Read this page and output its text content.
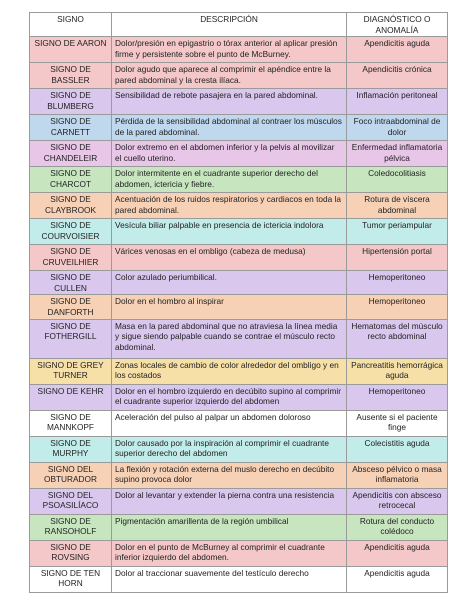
SIGNO	DESCRIPCIÓN	DIAGNÓSTICO O ANOMALÍA
SIGNO DE AARON	Dolor/presión en epigastrio o tórax anterior al aplicar presión firme y persistente sobre el punto de McBurney.	Apendicitis aguda
SIGNO DE BASSLER	Dolor agudo que aparece al comprimir el apéndice entre la pared abdominal y la cresta ilíaca.	Apendicitis crónica
SIGNO DE BLUMBERG	Sensibilidad de rebote pasajera en la pared abdominal.	Inflamación peritoneal
SIGNO DE CARNETT	Pérdida de la sensibilidad abdominal al contraer los músculos de la pared abdominal.	Foco intraabdominal de dolor
SIGNO DE CHANDELEIR	Dolor extremo en el abdomen inferior y la pelvis al movilizar el cuello uterino.	Enfermedad inflamatoria pélvica
SIGNO DE CHARCOT	Dolor intermitente en el cuadrante superior derecho del abdomen, ictericia y fiebre.	Coledocolitiasis
SIGNO DE CLAYBROOK	Acentuación de los ruidos respiratorios y cardiacos en toda la pared abdominal.	Rotura de víscera abdominal
SIGNO DE COURVOISIER	Vesícula biliar palpable en presencia de ictericia indolora	Tumor periampular
SIGNO DE CRUVEILHIER	Várices venosas en el ombligo (cabeza de medusa)	Hipertensión portal
SIGNO DE CULLEN	Color azulado periumbilical.	Hemoperitoneo
SIGNO DE DANFORTH	Dolor en el hombro al inspirar	Hemoperitoneo
SIGNO DE FOTHERGILL	Masa en la pared abdominal que no atraviesa la línea media y sigue siendo palpable cuando se contrae el músculo recto abdominal.	Hematomas del músculo recto abdominal
SIGNO DE GREY TURNER	Zonas locales de cambio de color alrededor del ombligo y en los costados	Pancreatitis hemorrágica aguda
SIGNO DE KEHR	Dolor en el hombro izquierdo en decúbito supino al comprimir el cuadrante superior izquierdo del abdomen	Hemoperitoneo
SIGNO DE MANNKOPF	Aceleración del pulso al palpar un abdomen doloroso	Ausente si el paciente finge
SIGNO DE MURPHY	Dolor causado por la inspiración al comprimir el cuadrante superior derecho del abdomen	Colecistitis aguda
SIGNO DEL OBTURADOR	La flexión y rotación externa del muslo derecho en decúbito supino provoca dolor	Absceso pélvico o masa inflamatoria
SIGNO DEL PSOASILÍACO	Dolor al levantar y extender la pierna contra una resistencia	Apendicitis con absceso retrocecal
SIGNO DE RANSOHOLF	Pigmentación amarillenta de la región umbilical	Rotura del conducto colédoco
SIGNO DE ROVSING	Dolor en el punto de McBurney al comprimir el cuadrante inferior izquierdo del abdomen.	Apendicitis aguda
SIGNO DE TEN HORN	Dolor al traccionar suavemente del testículo derecho	Apendicitis aguda
